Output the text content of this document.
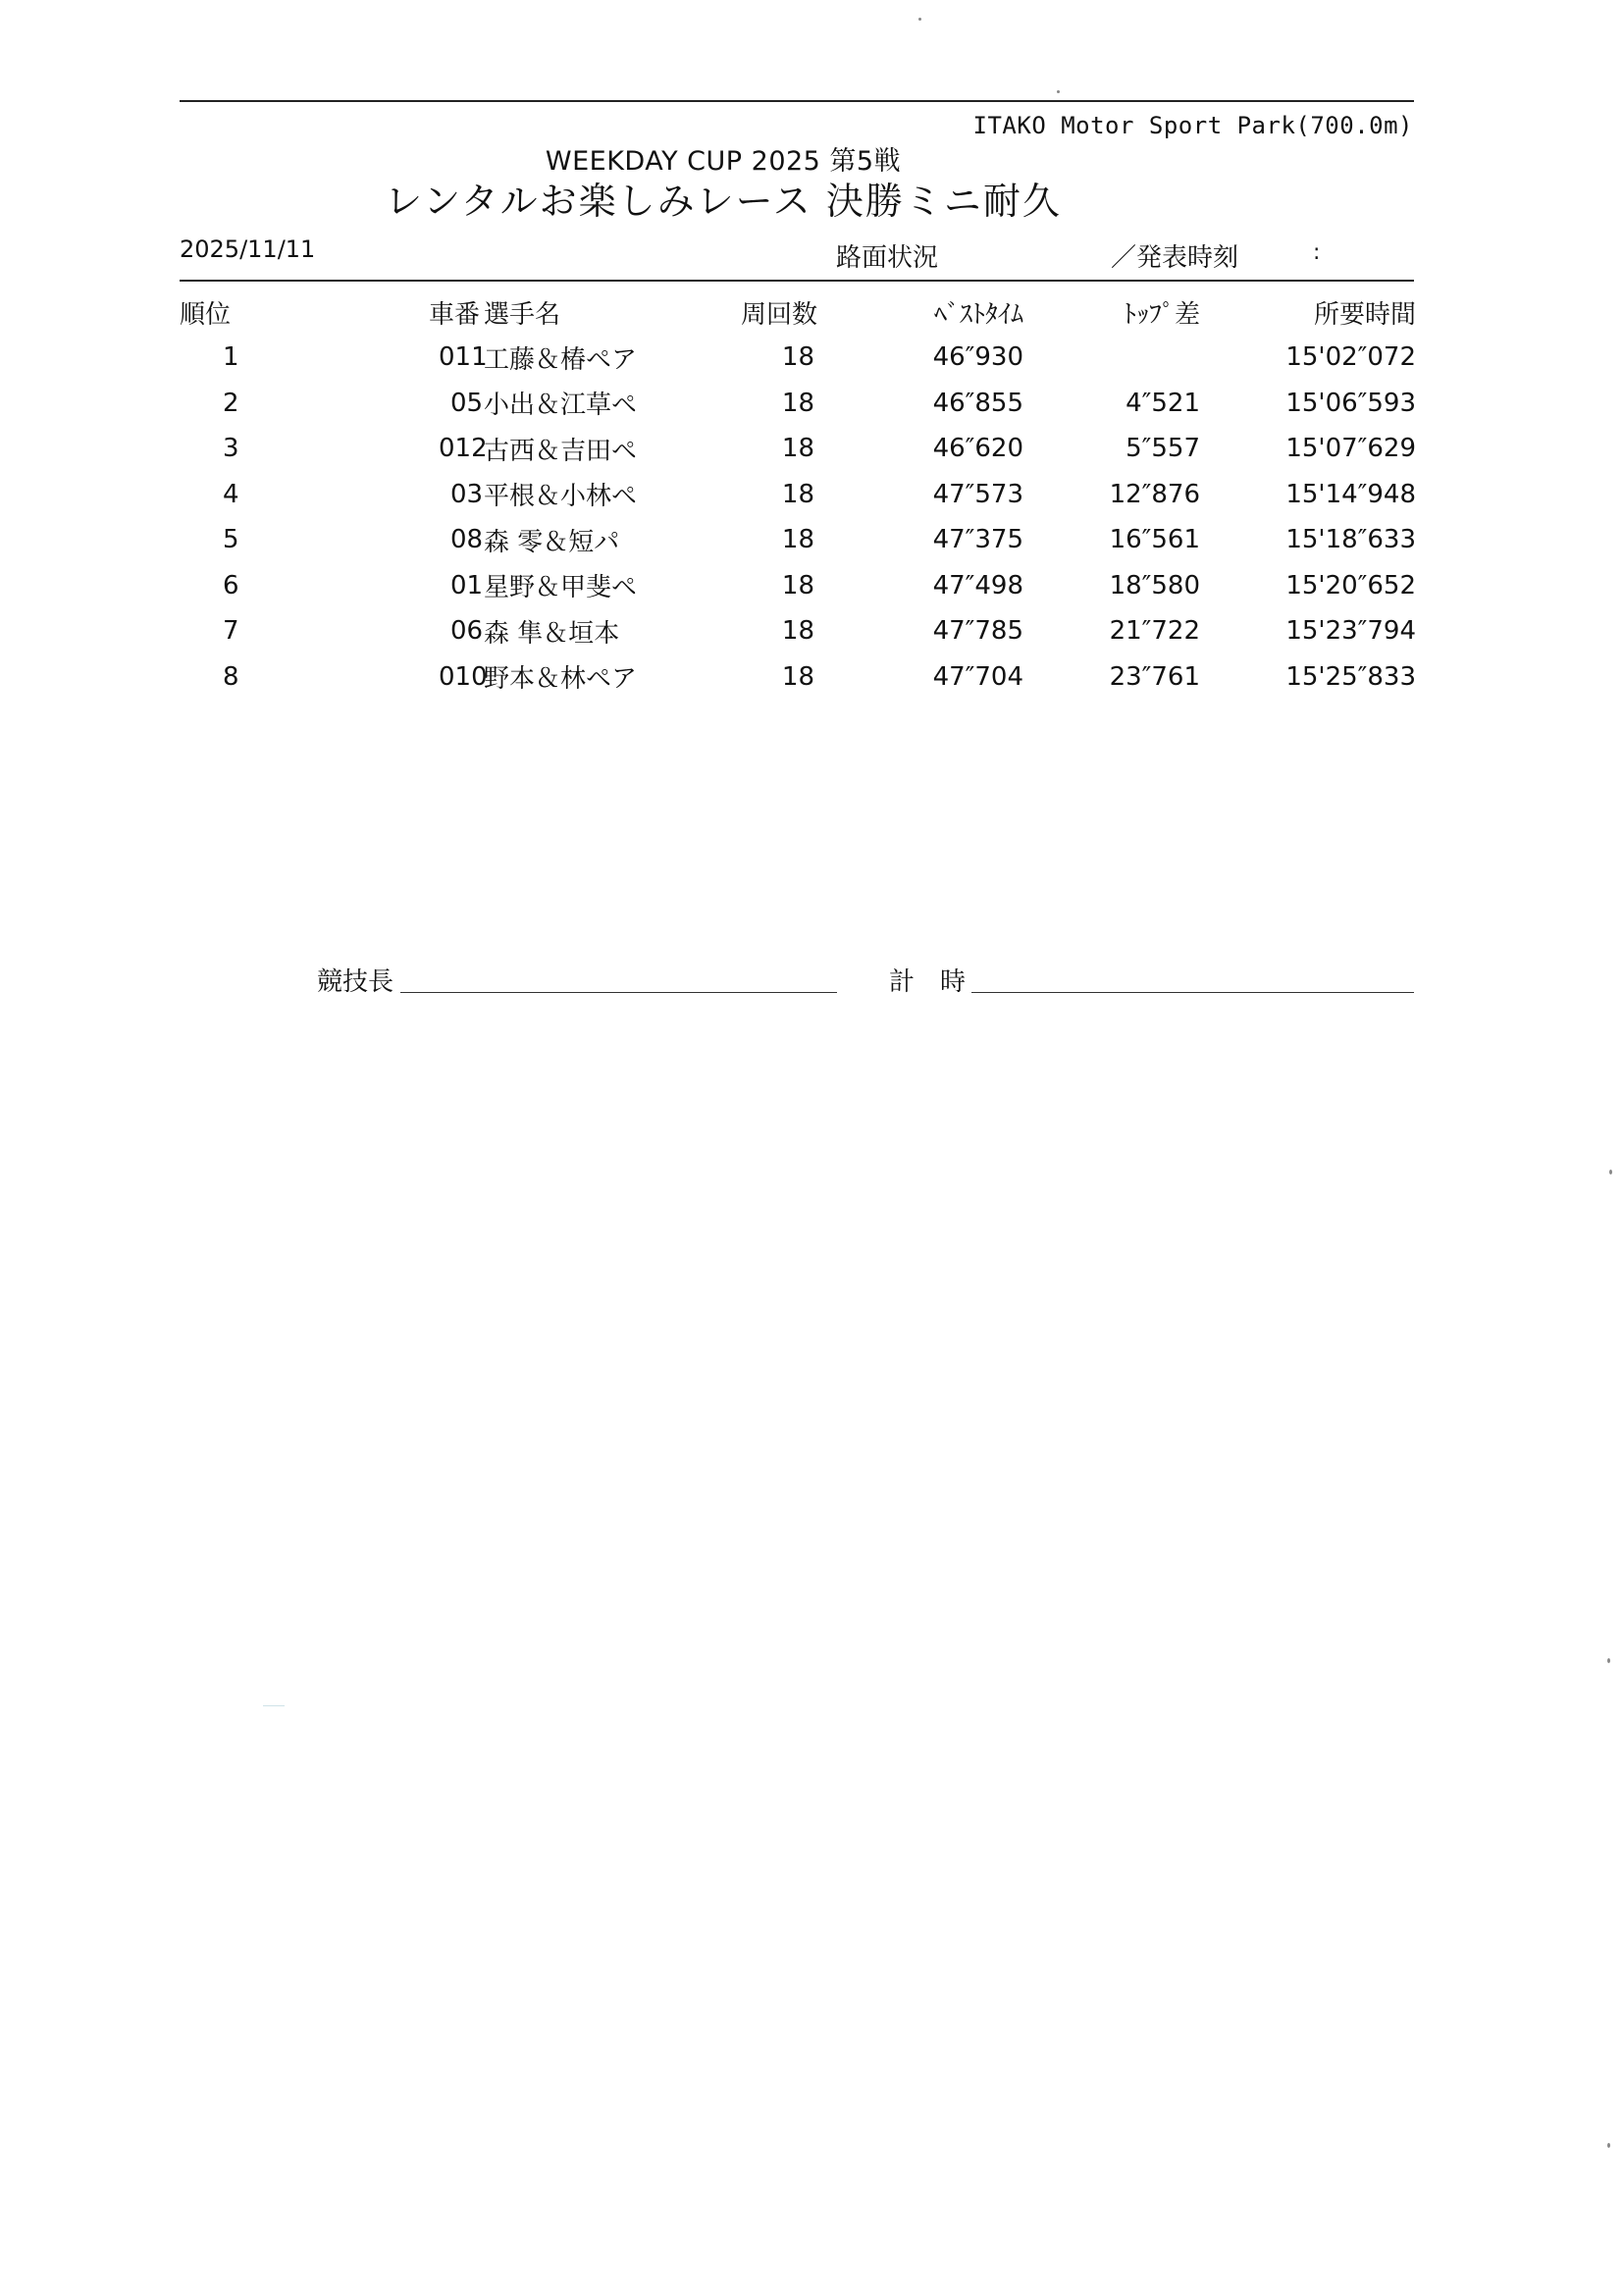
ITAKO Motor Sport Park(700.0m)
WEEKDAY CUP 2025 第5戦
レンタルお楽しみレース 決勝ミニ耐久
2025/11/11	路面状況	／発表時刻	:
順位	車番	選手名	周回数	ﾍﾞｽﾄﾀｲﾑ	ﾄｯﾌﾟ差	所要時間
1	011	工藤＆椿ペア	18	46″930		15'02″072
2	05	小出＆江草ペ	18	46″855	4″521	15'06″593
3	012	古西＆吉田ペ	18	46″620	5″557	15'07″629
4	03	平根＆小林ペ	18	47″573	12″876	15'14″948
5	08	森 零＆短パ	18	47″375	16″561	15'18″633
6	01	星野＆甲斐ペ	18	47″498	18″580	15'20″652
7	06	森 隼＆垣本	18	47″785	21″722	15'23″794
8	010	野本＆林ペア	18	47″704	23″761	15'25″833
競技長	計　時
